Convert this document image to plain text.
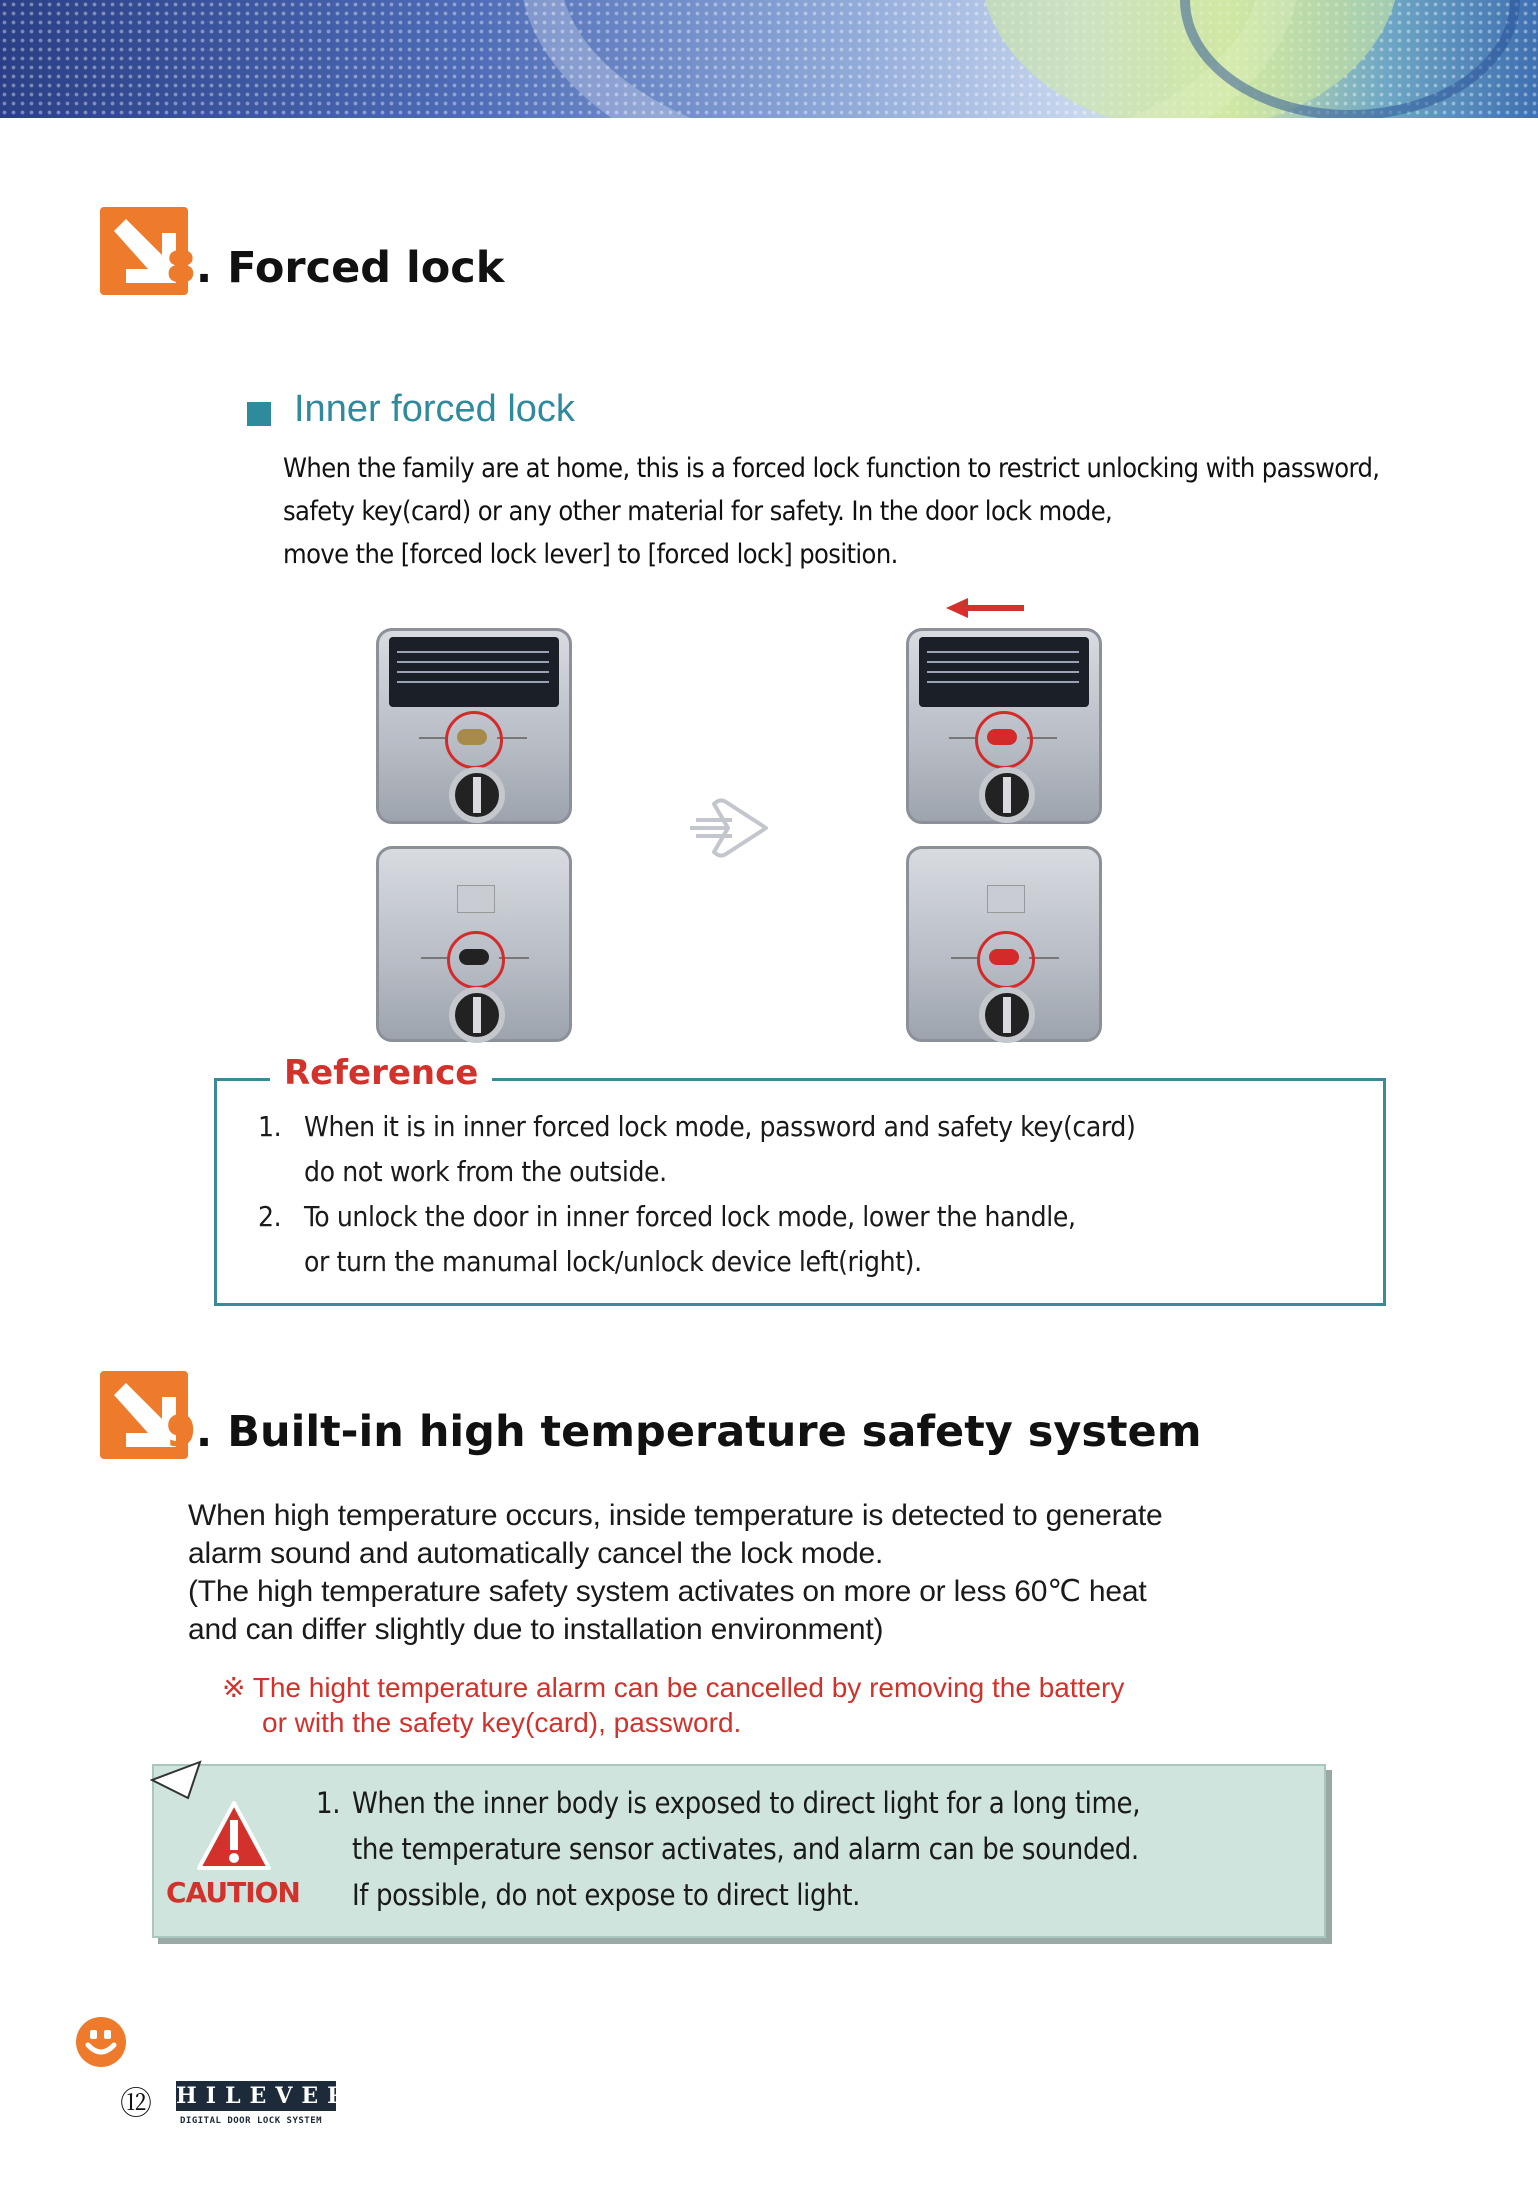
8. Forced lock
Inner forced lock
When the family are at home, this is a forced lock function to restrict unlocking with password,
safety key(card) or any other material for safety. In the door lock mode,
move the [forced lock lever] to [forced lock] position.
Reference
1. When it is in inner forced lock mode, password and safety key(card)
do not work from the outside.
2. To unlock the door in inner forced lock mode, lower the handle,
or turn the manumal lock/unlock device left(right).
9. Built-in high temperature safety system
When high temperature occurs, inside temperature is detected to generate
alarm sound and automatically cancel the lock mode.
(The high temperature safety system activates on more or less 60℃ heat
and can differ slightly due to installation environment)
※ The hight temperature alarm can be cancelled by removing the battery
or with the safety key(card), password.
CAUTION
1. When the inner body is exposed to direct light for a long time,
the temperature sensor activates, and alarm can be sounded.
If possible, do not expose to direct light.
⑫ HILEVER
DIGITAL DOOR LOCK SYSTEM
